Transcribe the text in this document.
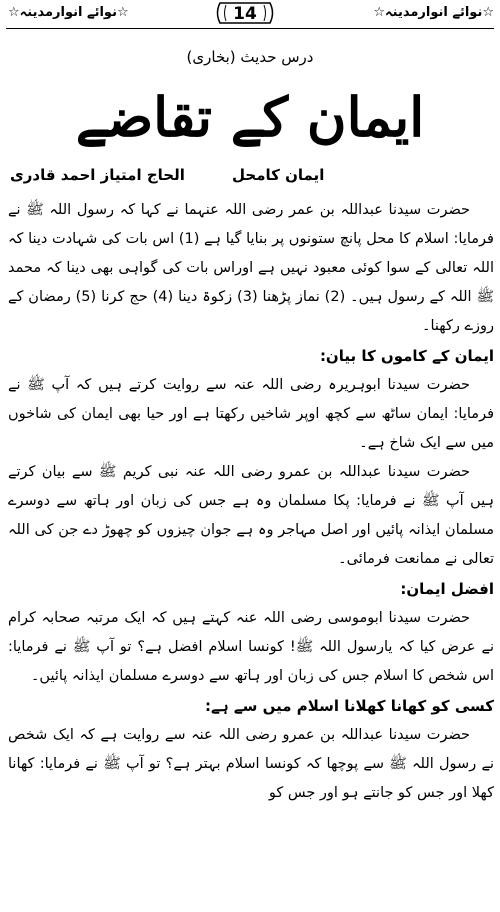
☆نوائے انوارمدینہ☆	14	☆نوائے انوارمدینہ☆
درس حدیث (بخاری)
ایمان کے تقاضے
الحاج امتیاز احمد قادری	ایمان کامحل

حضرت سیدنا عبداللہ بن عمر رضی اللہ عنہما نے کہا کہ رسول اللہ ﷺ نے فرمایا: اسلام کا محل پانچ ستونوں پر بنایا گیا ہے (1) اس بات کی شہادت دینا کہ اللہ تعالی کے سوا کوئی معبود نہیں ہے اوراس بات کی گواہی بھی دینا کہ محمد ﷺ اللہ کے رسول ہیں۔ (2) نماز پڑھنا (3) زکوۃ دینا (4) حج کرنا (5) رمضان کے روزے رکھنا۔

ایمان کے کاموں کا بیان:

حضرت سیدنا ابوہریرہ رضی اللہ عنہ سے روایت کرتے ہیں کہ آپ ﷺ نے فرمایا: ایمان ساٹھ سے کچھ اوپر شاخیں رکھتا ہے اور حیا بھی ایمان کی شاخوں میں سے ایک شاخ ہے۔

حضرت سیدنا عبداللہ بن عمرو رضی اللہ عنہ نبی کریم ﷺ سے بیان کرتے ہیں آپ ﷺ نے فرمایا: پکا مسلمان وہ ہے جس کی زبان اور ہاتھ سے دوسرے مسلمان ایذانہ پائیں اور اصل مہاجر وہ ہے جوان چیزوں کو چھوڑ دے جن کی اللہ تعالی نے ممانعت فرمائی۔

افضل ایمان:

حضرت سیدنا ابوموسی رضی اللہ عنہ کہتے ہیں کہ ایک مرتبہ صحابہ کرام نے عرض کیا کہ یارسول اللہ ﷺ! کونسا اسلام افضل ہے؟ تو آپ ﷺ نے فرمایا: اس شخص کا اسلام جس کی زبان اور ہاتھ سے دوسرے مسلمان ایذانہ پائیں۔

کسی کو کھانا کھلانا اسلام میں سے ہے:

حضرت سیدنا عبداللہ بن عمرو رضی اللہ عنہ سے روایت ہے کہ ایک شخص نے رسول اللہ ﷺ سے پوچھا کہ کونسا اسلام بہتر ہے؟ تو آپ ﷺ نے فرمایا: کھانا کھلا اور جس کو جانتے ہو اور جس کو
